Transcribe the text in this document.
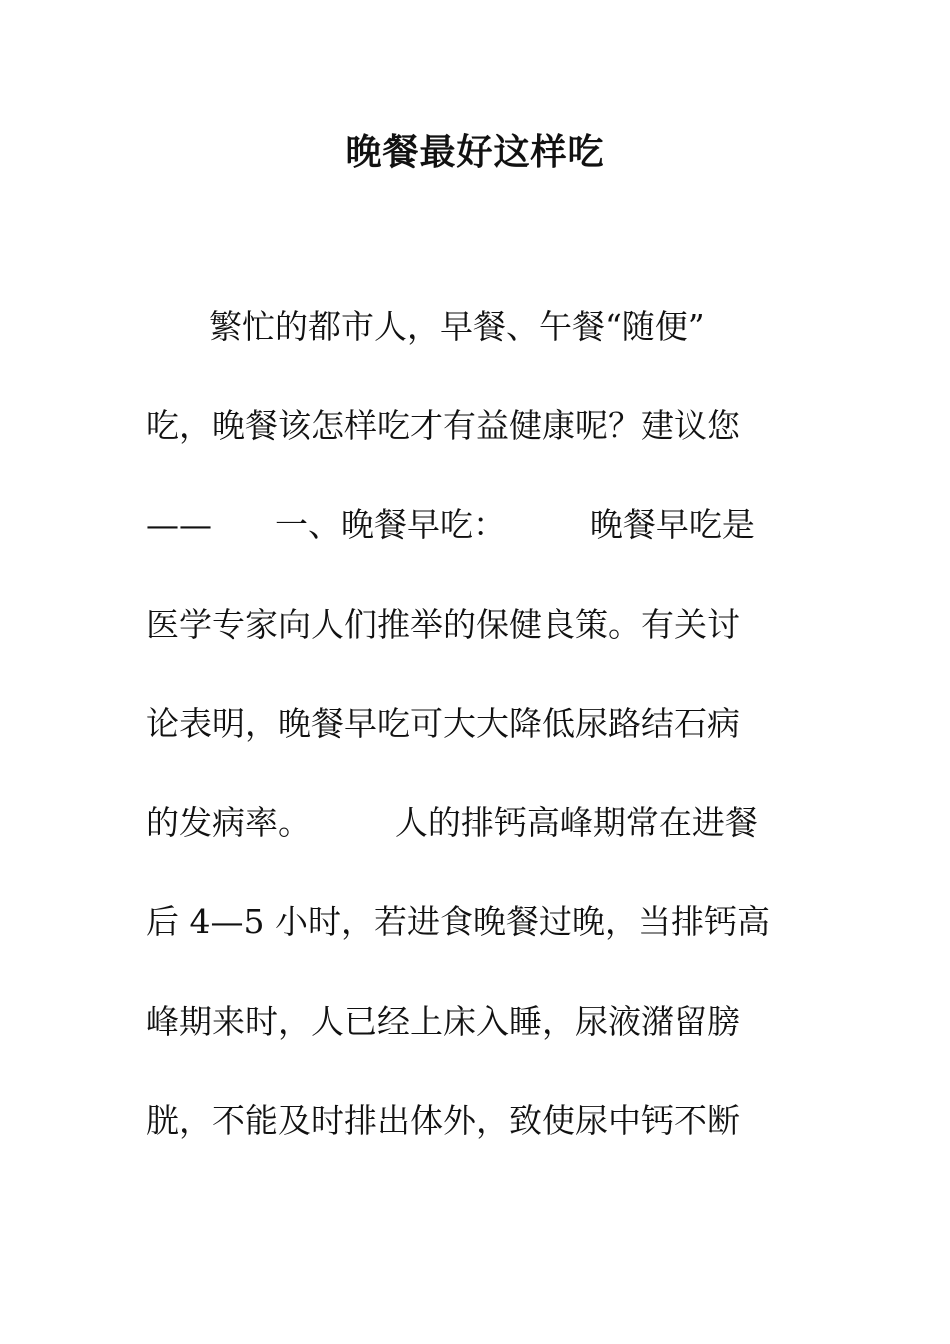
晚餐最好这样吃
繁忙的都市人，早餐、午餐“随便”
吃，晚餐该怎样吃才有益健康呢？建议您
——      一、晚餐早吃：        晚餐早吃是
医学专家向人们推举的保健良策。有关讨
论表明，晚餐早吃可大大降低尿路结石病
的发病率。        人的排钙高峰期常在进餐
后 4—5 小时，若进食晚餐过晚，当排钙高
峰期来时，人已经上床入睡，尿液潴留膀
胱，不能及时排出体外，致使尿中钙不断
